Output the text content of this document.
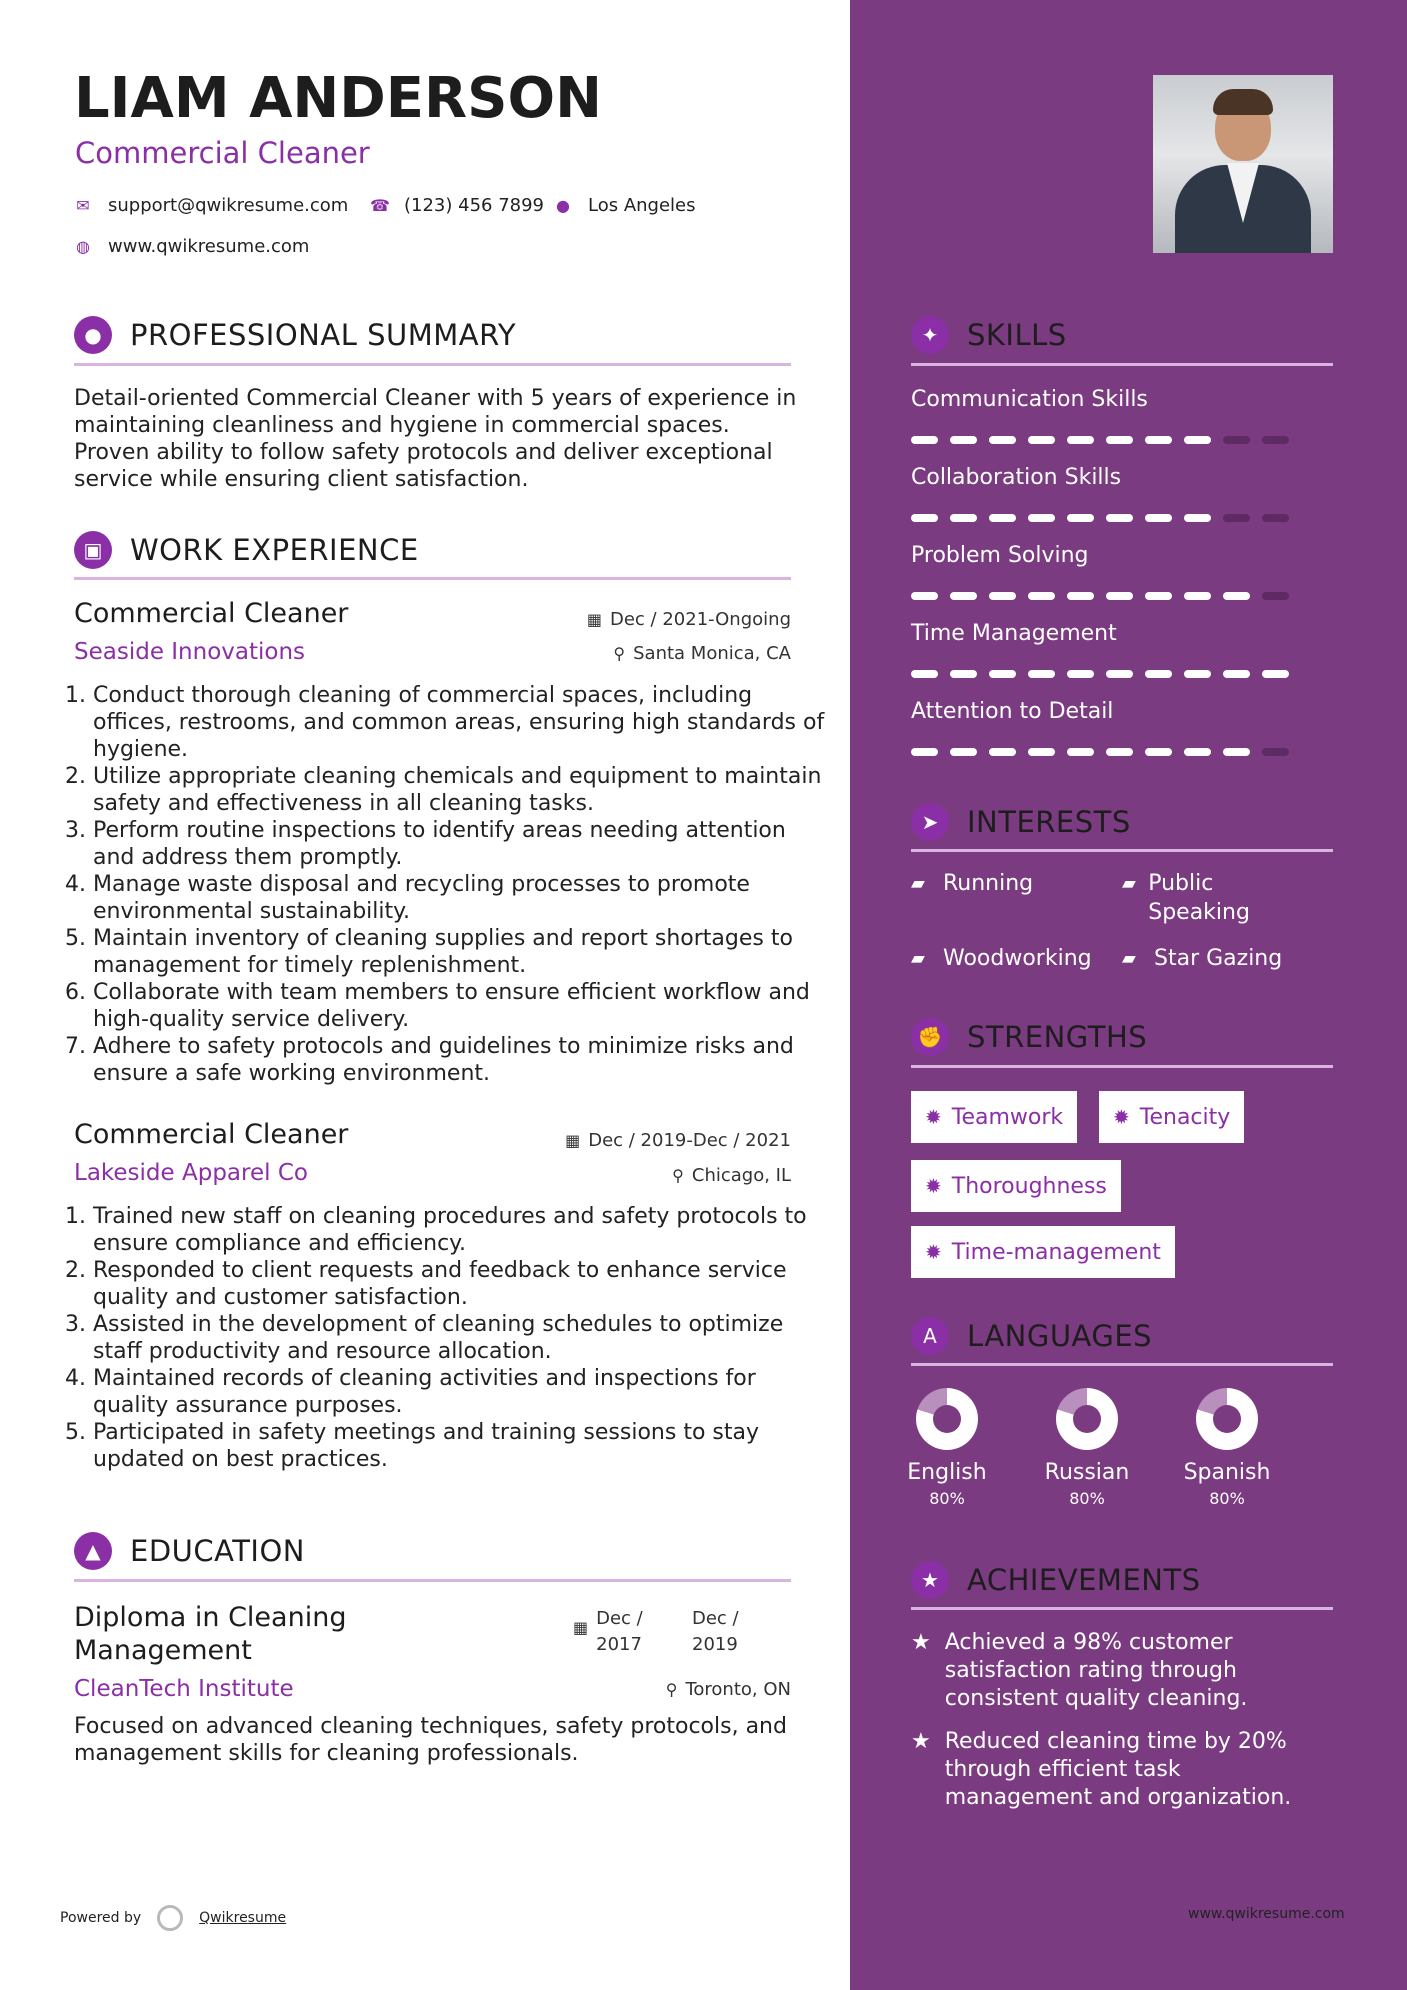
LIAM ANDERSON
Commercial Cleaner
✉ support@qwikresume.com ☎ (123) 456 7899 ● Los Angeles
◍ www.qwikresume.com
● PROFESSIONAL SUMMARY
Detail-oriented Commercial Cleaner with 5 years of experience in maintaining cleanliness and hygiene in commercial spaces. Proven ability to follow safety protocols and deliver exceptional service while ensuring client satisfaction.
▣ WORK EXPERIENCE
Commercial Cleaner	▦ Dec / 2021-Ongoing
Seaside Innovations	⚲ Santa Monica, CA
1. Conduct thorough cleaning of commercial spaces, including offices, restrooms, and common areas, ensuring high standards of hygiene.
2. Utilize appropriate cleaning chemicals and equipment to maintain safety and effectiveness in all cleaning tasks.
3. Perform routine inspections to identify areas needing attention and address them promptly.
4. Manage waste disposal and recycling processes to promote environmental sustainability.
5. Maintain inventory of cleaning supplies and report shortages to management for timely replenishment.
6. Collaborate with team members to ensure efficient workflow and high-quality service delivery.
7. Adhere to safety protocols and guidelines to minimize risks and ensure a safe working environment.
Commercial Cleaner	▦ Dec / 2019-Dec / 2021
Lakeside Apparel Co	⚲ Chicago, IL
1. Trained new staff on cleaning procedures and safety protocols to ensure compliance and efficiency.
2. Responded to client requests and feedback to enhance service quality and customer satisfaction.
3. Assisted in the development of cleaning schedules to optimize staff productivity and resource allocation.
4. Maintained records of cleaning activities and inspections for quality assurance purposes.
5. Participated in safety meetings and training sessions to stay updated on best practices.
▲	EDUCATION
Diploma in Cleaning Management
▦ Dec / 2017
Dec / 2019
CleanTech Institute	⚲ Toronto, ON
Focused on advanced cleaning techniques, safety protocols, and management skills for cleaning professionals.
Powered by	Qwikresume	www.qwikresume.com
✦ SKILLS
Communication Skills
Collaboration Skills
Problem Solving
Time Management
Attention to Detail
➤ INTERESTS
▰ Running	▰ Public Speaking
▰ Woodworking ▰ Star Gazing
✊ STRENGTHS
✹ Teamwork ✹ Tenacity
✹ Thoroughness
✹ Time-management
A	LANGUAGES
English
80%
Russian
80%
Spanish
80%
★ ACHIEVEMENTS
★ Achieved a 98% customer satisfaction rating through consistent quality cleaning.
★ Reduced cleaning time by 20% through efficient task management and organization.
